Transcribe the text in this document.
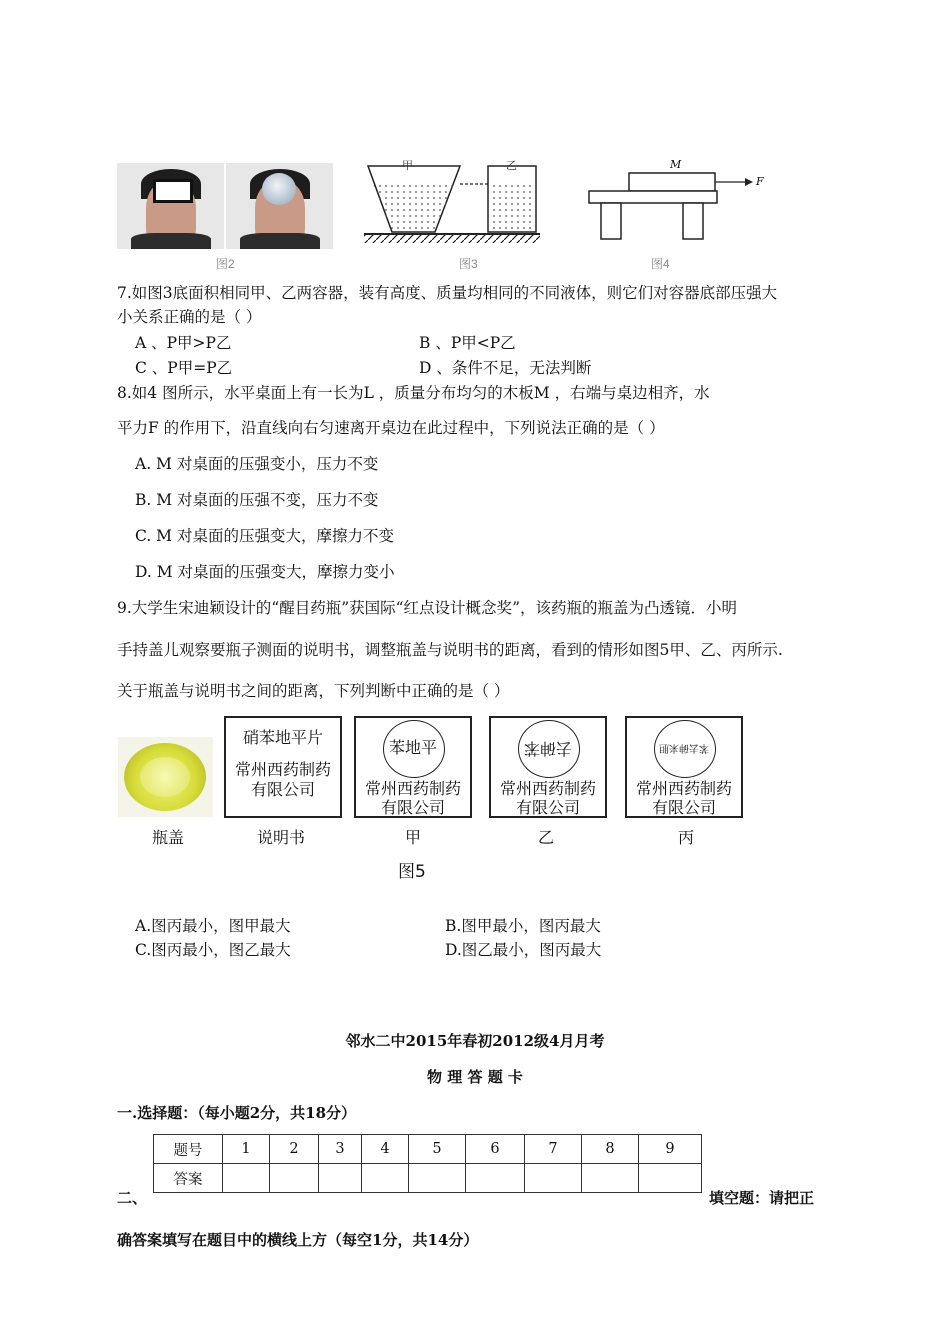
图2
甲	乙
图3
M
F
图4
7.如图3底面积相同甲、乙两容器，装有高度、质量均相同的不同液体，则它们对容器底部压强大
小关系正确的是（ ）
A 、P甲>P乙	B 、P甲<P乙
C 、P甲=P乙	D 、条件不足，无法判断
8.如4 图所示，水平桌面上有一长为L ，质量分布均匀的木板M ，右端与桌边相齐，水
平力F 的作用下，沿直线向右匀速离开桌边在此过程中，下列说法正确的是（ ）
A. M 对桌面的压强变小，压力不变
B. M 对桌面的压强不变，压力不变
C. M 对桌面的压强变大，摩擦力不变
D. M 对桌面的压强变大，摩擦力变小
9.大学生宋迪颖设计的“醒目药瓶”获国际“红点设计概念奖”，该药瓶的瓶盖为凸透镜．小明
手持盖儿观察要瓶子测面的说明书，调整瓶盖与说明书的距离，看到的情形如图5甲、乙、丙所示.
关于瓶盖与说明书之间的距离，下列判断中正确的是（ ）
瓶盖
硝苯地平片
常州西药制药
有限公司
说明书
苯地平
常州西药制药
有限公司
甲
去砷苯
常州西药制药
有限公司
乙
苯去砷来胆
常州西药制药
有限公司
丙
图5
A.图丙最小，图甲最大	B.图甲最小，图丙最大
C.图丙最小，图乙最大	D.图乙最小，图丙最大
邻水二中2015年春初2012级4月月考
物 理 答 题 卡
一.选择题：（每小题2分，共18分）
题号	1	2	3	4	5	6	7	8	9
答案									
二、	填空题：请把正
确答案填写在题目中的横线上方（每空1分，共14分）
